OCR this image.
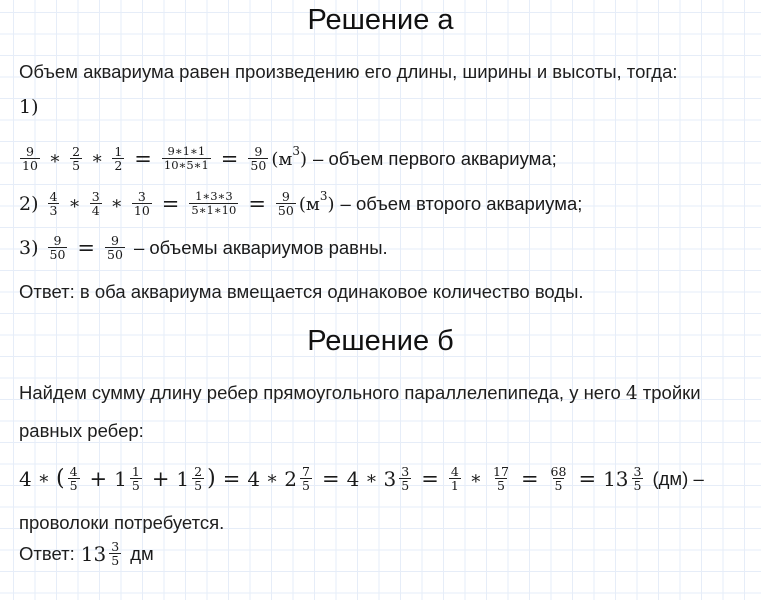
Решение а
Объем аквариума равен произведению его длины, ширины и высоты, тогда:
1)
$\frac{9}{10}$ ∗ $\frac{2}{5}$ ∗ $\frac{1}{2} = \frac{9∗1∗1}{10∗5∗1} = \frac{9}{50} (м^3)$ – объем первого аквариума;
$2) \frac{4}{3}$ ∗ $\frac{3}{4}$ ∗ $\frac{3}{10} = \frac{1∗3∗3}{5∗1∗10} = \frac{9}{50} (м^3)$ – объем второго аквариума;
$3) \frac{9}{50} = \frac{9}{50}$ – объемы аквариумов равны.
Ответ: в оба аквариума вмещается одинаковое количество воды.
Решение б
Найдем сумму длину ребер прямоугольного параллелепипеда, у него 4 тройки
равных ребер:
4 ∗ ( $\frac{4}{5} + 1 \frac{1}{5} + 1 \frac{2}{5}$ ) = 4 ∗ $2 \frac{7}{5} = 4$ ∗ $3 \frac{3}{5} = \frac{4}{1}$ ∗ $\frac{17}{5} = \frac{68}{5} = 13 \frac{3}{5} (дм)$ –
проволоки потребуется.
Ответ: $13 \frac{3}{5}$ дм
